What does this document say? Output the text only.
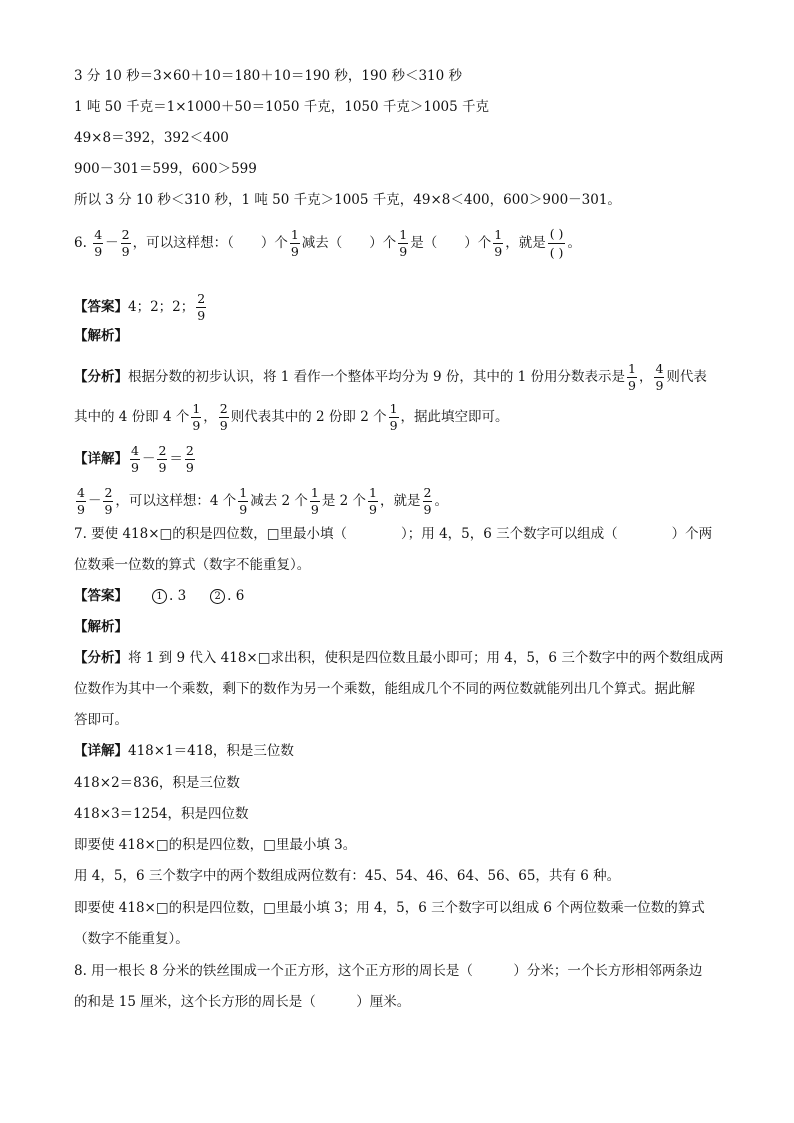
3 分 10 秒＝3×60＋10＝180＋10＝190 秒，190 秒＜310 秒
1 吨 50 千克＝1×1000＋50＝1050 千克，1050 千克＞1005 千克
49×8＝392，392＜400
900－301＝599，600＞599
所以 3 分 10 秒＜310 秒，1 吨 50 千克＞1005 千克，49×8＜400，600＞900－301。
6. $\frac{4}{9} - \frac{2}{9}$ ，可以这样想：（　　）个 $\frac{1}{9}$ 减去（　　）个 $\frac{1}{9}$ 是（　　）个 $\frac{1}{9}$ ，就是 $\frac{( )}{( )}$ 。
【答案】4；2；2； $\frac{2}{9}$
【解析】
【分析】根据分数的初步认识，将 1 看作一个整体平均分为 9 份，其中的 1 份用分数表示是 $\frac{1}{9}$ ， $\frac{4}{9}$ 则代表
其中的 4 份即 4 个 $\frac{1}{9}$ ， $\frac{2}{9}$ 则代表其中的 2 份即 2 个 $\frac{1}{9}$ ，据此填空即可。
【详解】 $\frac{4}{9} - \frac{2}{9} = \frac{2}{9}$
$\frac{4}{9} - \frac{2}{9}$ ，可以这样想：4 个 $\frac{1}{9}$ 减去 2 个 $\frac{1}{9}$ 是 2 个 $\frac{1}{9}$ ，就是 $\frac{2}{9}$ 。
7. 要使 418×□的积是四位数，□里最小填（　　　　）；用 4，5，6 三个数字可以组成（　　　　）个两
位数乘一位数的算式（数字不能重复）。
【答案】	1 . 3	2 . 6
【解析】
【分析】将 1 到 9 代入 418×□求出积，使积是四位数且最小即可；用 4，5，6 三个数字中的两个数组成两
位数作为其中一个乘数，剩下的数作为另一个乘数，能组成几个不同的两位数就能列出几个算式。据此解
答即可。
【详解】418×1＝418，积是三位数
418×2＝836，积是三位数
418×3＝1254，积是四位数
即要使 418×□的积是四位数，□里最小填 3。
用 4，5，6 三个数字中的两个数组成两位数有：45、54、46、64、56、65，共有 6 种。
即要使 418×□的积是四位数，□里最小填 3；用 4，5，6 三个数字可以组成 6 个两位数乘一位数的算式
（数字不能重复）。
8. 用一根长 8 分米的铁丝围成一个正方形，这个正方形的周长是（　　　）分米；一个长方形相邻两条边
的和是 15 厘米，这个长方形的周长是（　　　）厘米。
